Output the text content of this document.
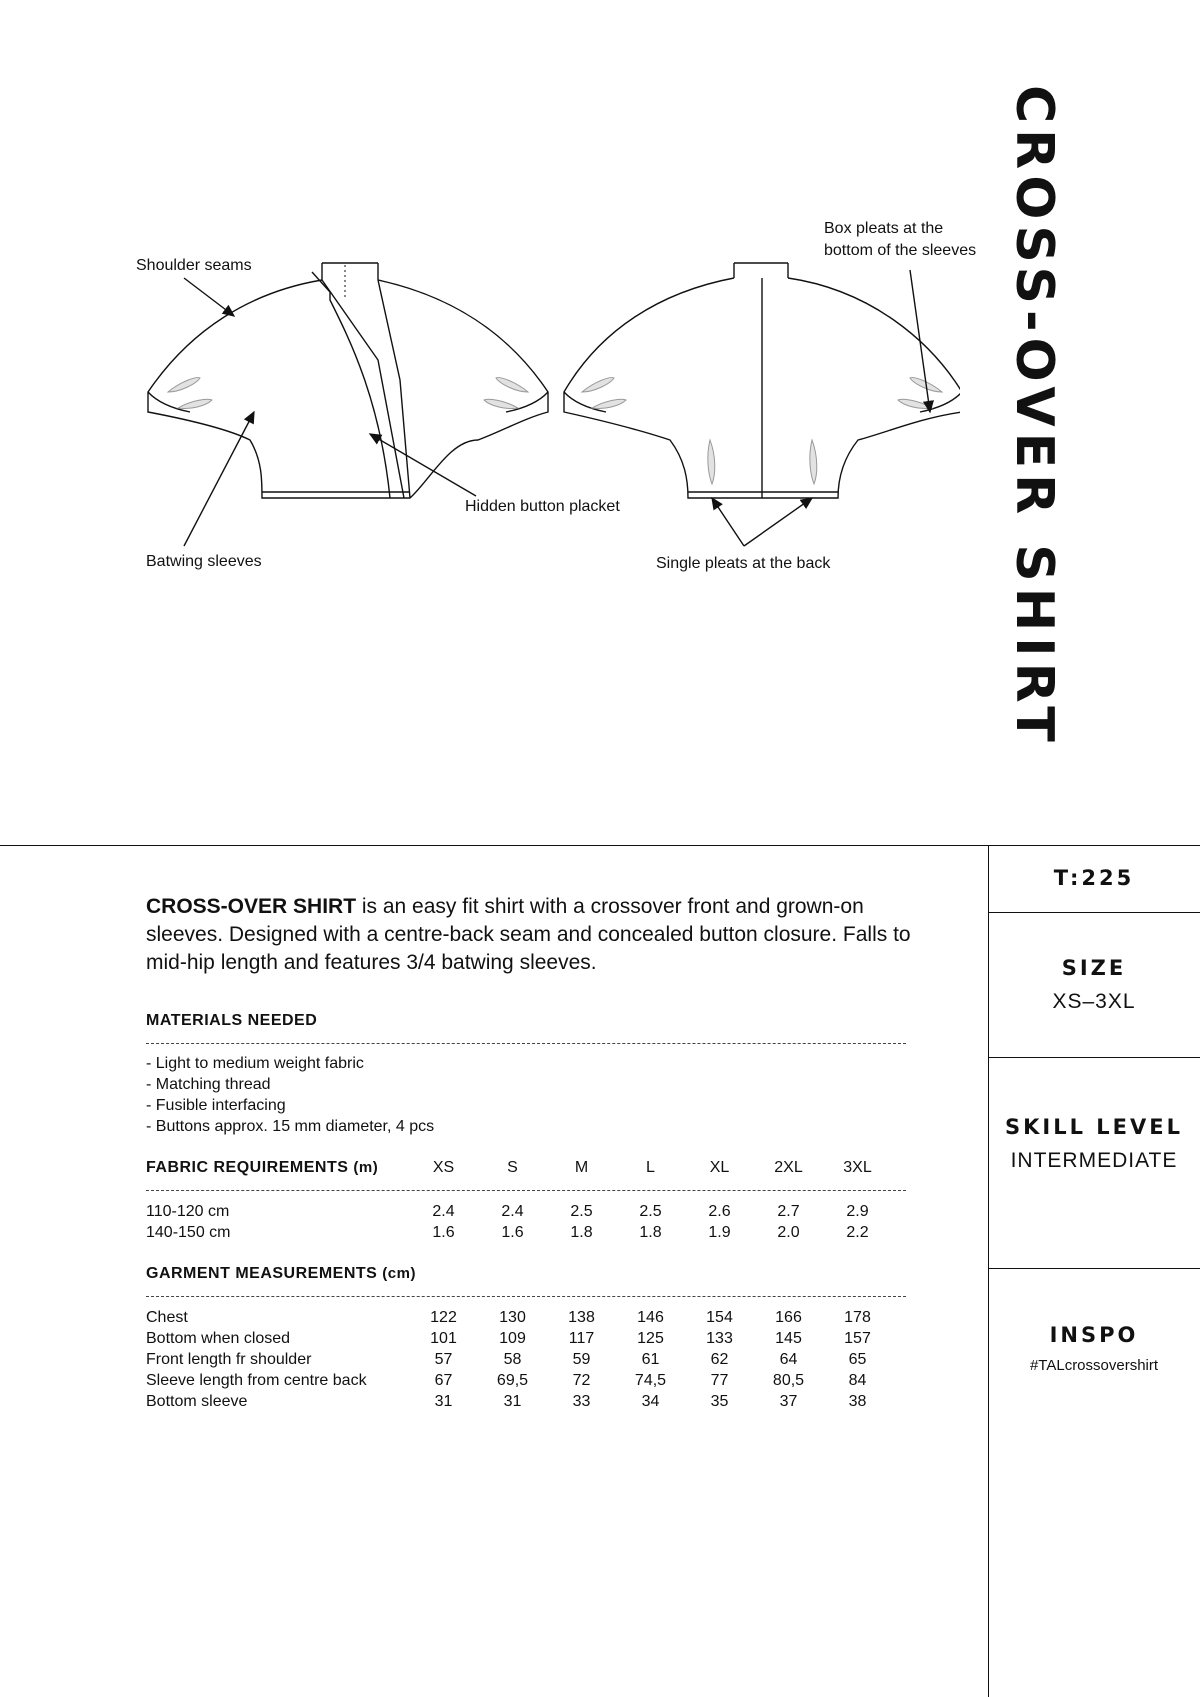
CROSS-OVER SHIRT
Shoulder seams
Batwing sleeves
Hidden button placket
Box pleats at the
bottom of the sleeves
Single pleats at the back
CROSS-OVER SHIRT is an easy fit shirt with a crossover front and grown-on sleeves. Designed with a centre-back seam and concealed button closure. Falls to mid-hip length and features 3/4 batwing sleeves.
MATERIALS NEEDED
- Light to medium weight fabric
- Matching thread
- Fusible interfacing
- Buttons approx. 15 mm diameter, 4 pcs
FABRIC REQUIREMENTS (m)	XS	S	M	L	XL	2XL	3XL
110-120 cm	2.4	2.4	2.5	2.5	2.6	2.7	2.9
140-150 cm	1.6	1.6	1.8	1.8	1.9	2.0	2.2
GARMENT MEASUREMENTS (cm)
Chest	122	130	138	146	154	166	178
Bottom when closed	101	109	117	125	133	145	157
Front length fr shoulder	57	58	59	61	62	64	65
Sleeve length from centre back	67	69,5	72	74,5	77	80,5	84
Bottom sleeve	31	31	33	34	35	37	38
T:225
SIZE
XS–3XL
SKILL LEVEL
INTERMEDIATE
INSPO
#TALcrossovershirt
